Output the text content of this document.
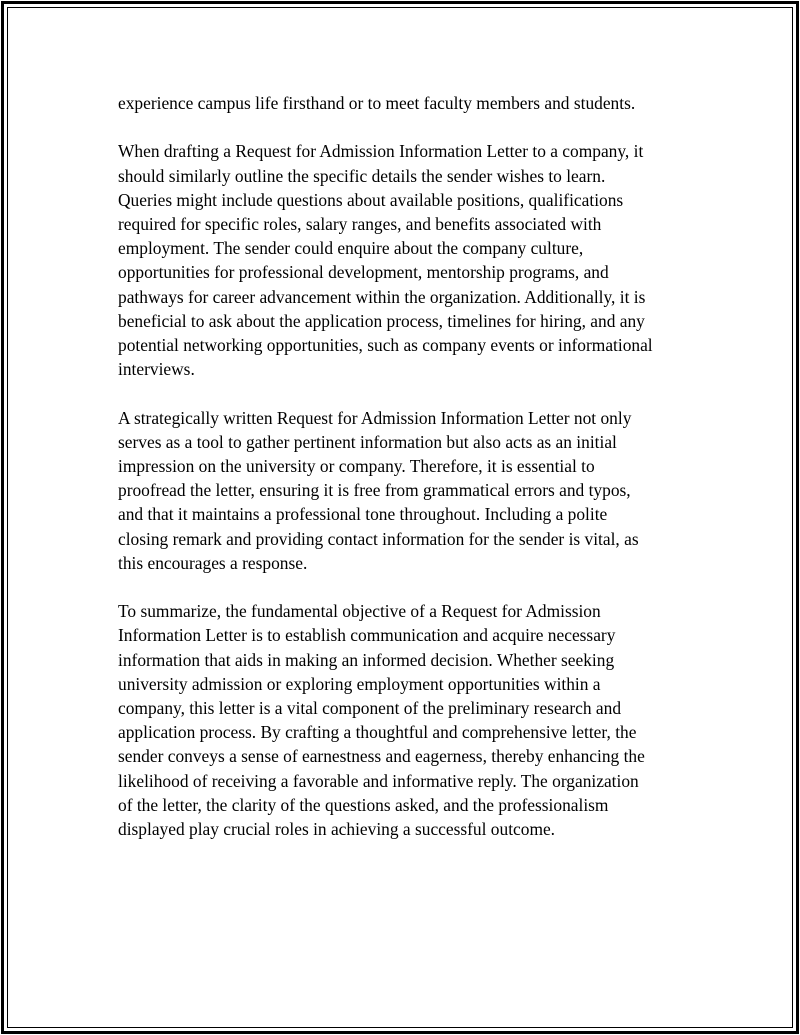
experience campus life firsthand or to meet faculty members and students.

When drafting a Request for Admission Information Letter to a company, it
should similarly outline the specific details the sender wishes to learn.
Queries might include questions about available positions, qualifications
required for specific roles, salary ranges, and benefits associated with
employment. The sender could enquire about the company culture,
opportunities for professional development, mentorship programs, and
pathways for career advancement within the organization. Additionally, it is
beneficial to ask about the application process, timelines for hiring, and any
potential networking opportunities, such as company events or informational
interviews.

A strategically written Request for Admission Information Letter not only
serves as a tool to gather pertinent information but also acts as an initial
impression on the university or company. Therefore, it is essential to
proofread the letter, ensuring it is free from grammatical errors and typos,
and that it maintains a professional tone throughout. Including a polite
closing remark and providing contact information for the sender is vital, as
this encourages a response.

To summarize, the fundamental objective of a Request for Admission
Information Letter is to establish communication and acquire necessary
information that aids in making an informed decision. Whether seeking
university admission or exploring employment opportunities within a
company, this letter is a vital component of the preliminary research and
application process. By crafting a thoughtful and comprehensive letter, the
sender conveys a sense of earnestness and eagerness, thereby enhancing the
likelihood of receiving a favorable and informative reply. The organization
of the letter, the clarity of the questions asked, and the professionalism
displayed play crucial roles in achieving a successful outcome.
